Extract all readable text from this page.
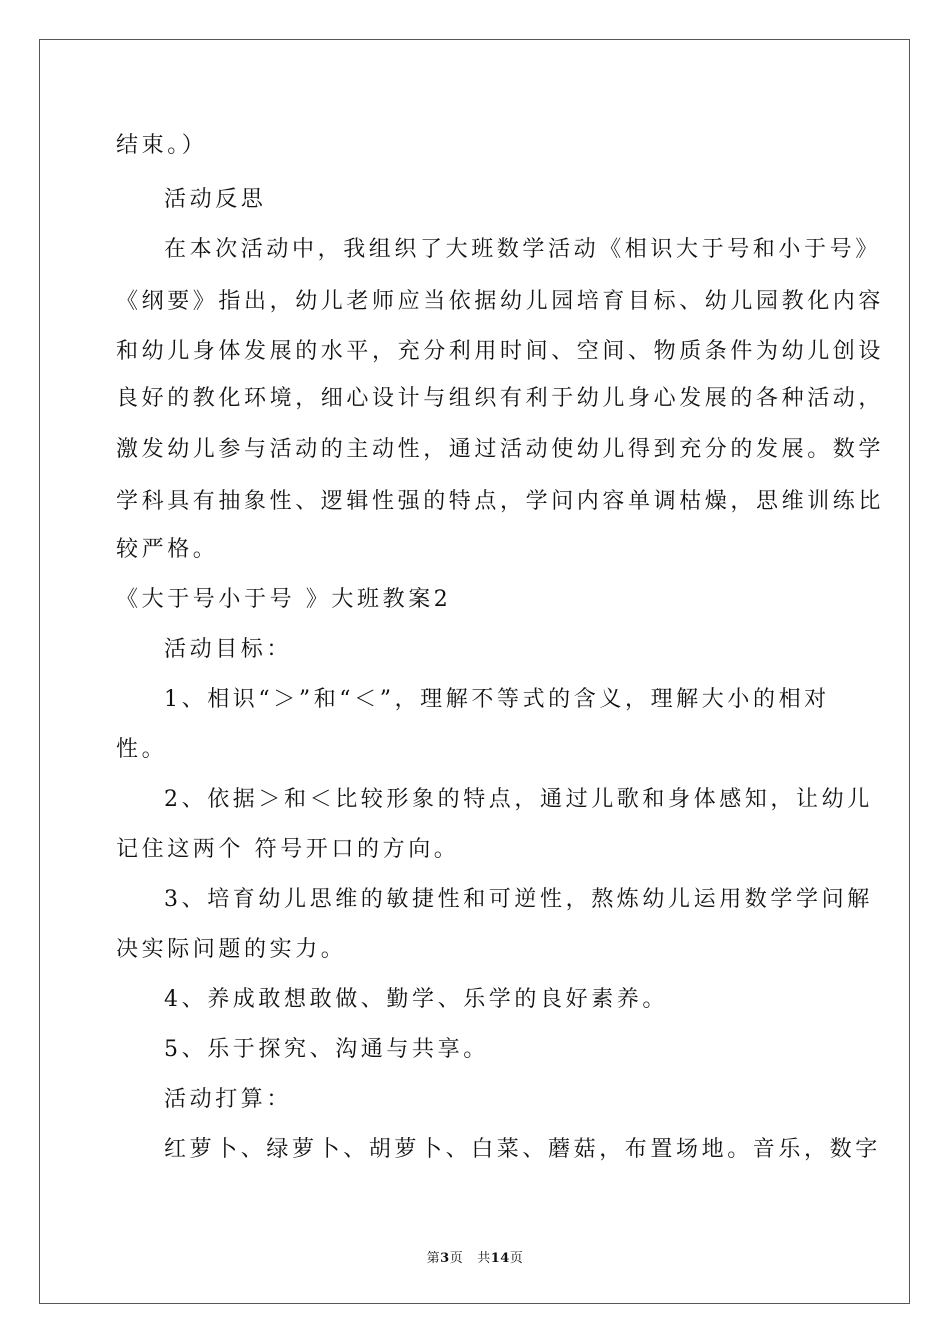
结束。）
活动反思
在本次活动中，我组织了大班数学活动《相识大于号和小于号》
《纲要》指出，幼儿老师应当依据幼儿园培育目标、幼儿园教化内容
和幼儿身体发展的水平，充分利用时间、空间、物质条件为幼儿创设
良好的教化环境，细心设计与组织有利于幼儿身心发展的各种活动，
激发幼儿参与活动的主动性，通过活动使幼儿得到充分的发展。数学
学科具有抽象性、逻辑性强的特点，学问内容单调枯燥，思维训练比
较严格。
《大于号小于号 》大班教案2
活动目标：
1、相识“＞”和“＜”，理解不等式的含义，理解大小的相对
性。
2、依据＞和＜比较形象的特点，通过儿歌和身体感知，让幼儿
记住这两个 符号开口的方向。
3、培育幼儿思维的敏捷性和可逆性，熬炼幼儿运用数学学问解
决实际问题的实力。
4、养成敢想敢做、勤学、乐学的良好素养。
5、乐于探究、沟通与共享。
活动打算：
红萝卜、绿萝卜、胡萝卜、白菜、蘑菇，布置场地。音乐，数字
第3页 共14页
